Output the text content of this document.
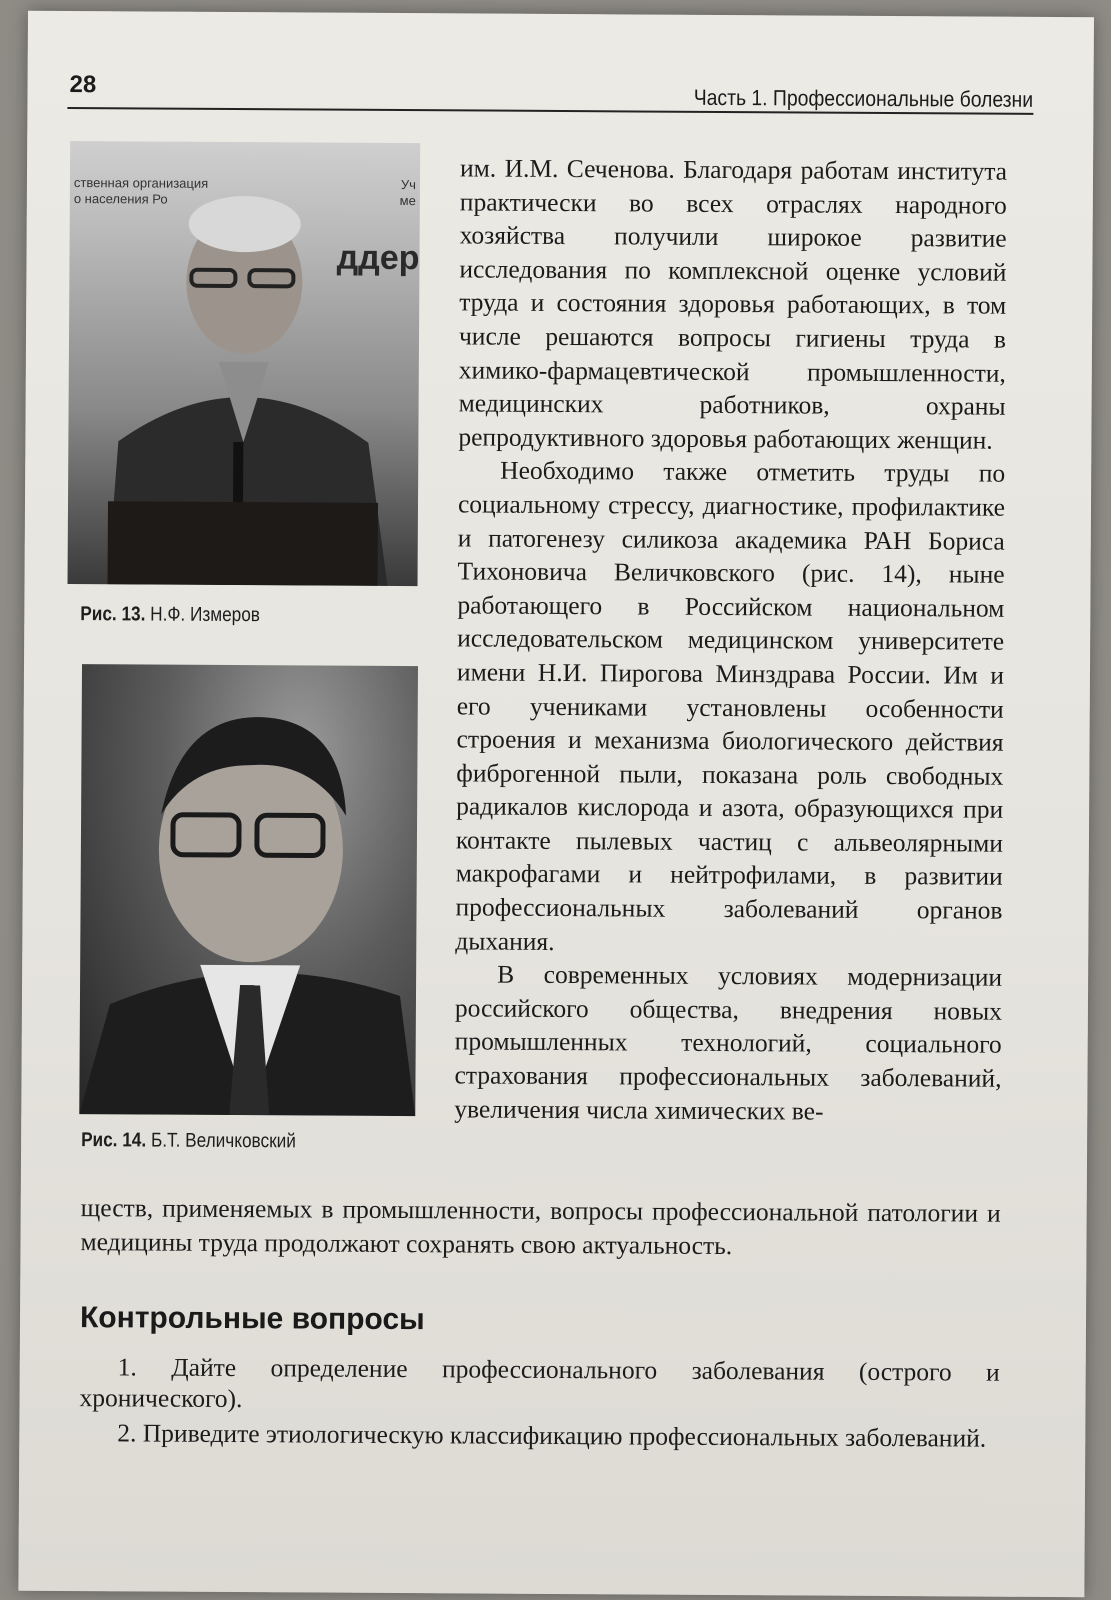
28
Часть 1. Профессиональные болезни
ственная организация
о населения Ро
Уч
ме
ддер
Рис. 13. Н.Ф. Измеров
Рис. 14. Б.Т. Величковский

им. И.М. Сеченова. Благодаря работам института практически во всех отраслях народного хозяйства получили широкое развитие исследования по комплексной оценке условий труда и состояния здоровья работающих, в том числе решаются вопросы гигиены труда в химико-фармацевтической промышленности, медицинских работников, охраны репродуктивного здоровья работающих женщин.

Необходимо также отметить труды по социальному стрессу, диагностике, профилактике и патогенезу силикоза академика РАН Бориса Тихоновича Величковского (рис. 14), ныне работающего в Российском национальном исследовательском медицинском университете имени Н.И. Пирогова Минздрава России. Им и его учениками установлены особенности строения и механизма биологического действия фиброгенной пыли, показана роль свободных радикалов кислорода и азота, образующихся при контакте пылевых частиц с альвеолярными макрофагами и нейтрофилами, в развитии профессиональных заболеваний органов дыхания.

В современных условиях модернизации российского общества, внедрения новых промышленных технологий, социального страхования профессиональных заболеваний, увеличения числа химических ве-

ществ, применяемых в промышленности, вопросы профессиональной патологии и медицины труда продолжают сохранять свою актуальность.

Контрольные вопросы

1. Дайте определение профессионального заболевания (острого и хронического).

2. Приведите этиологическую классификацию профессиональных заболеваний.
